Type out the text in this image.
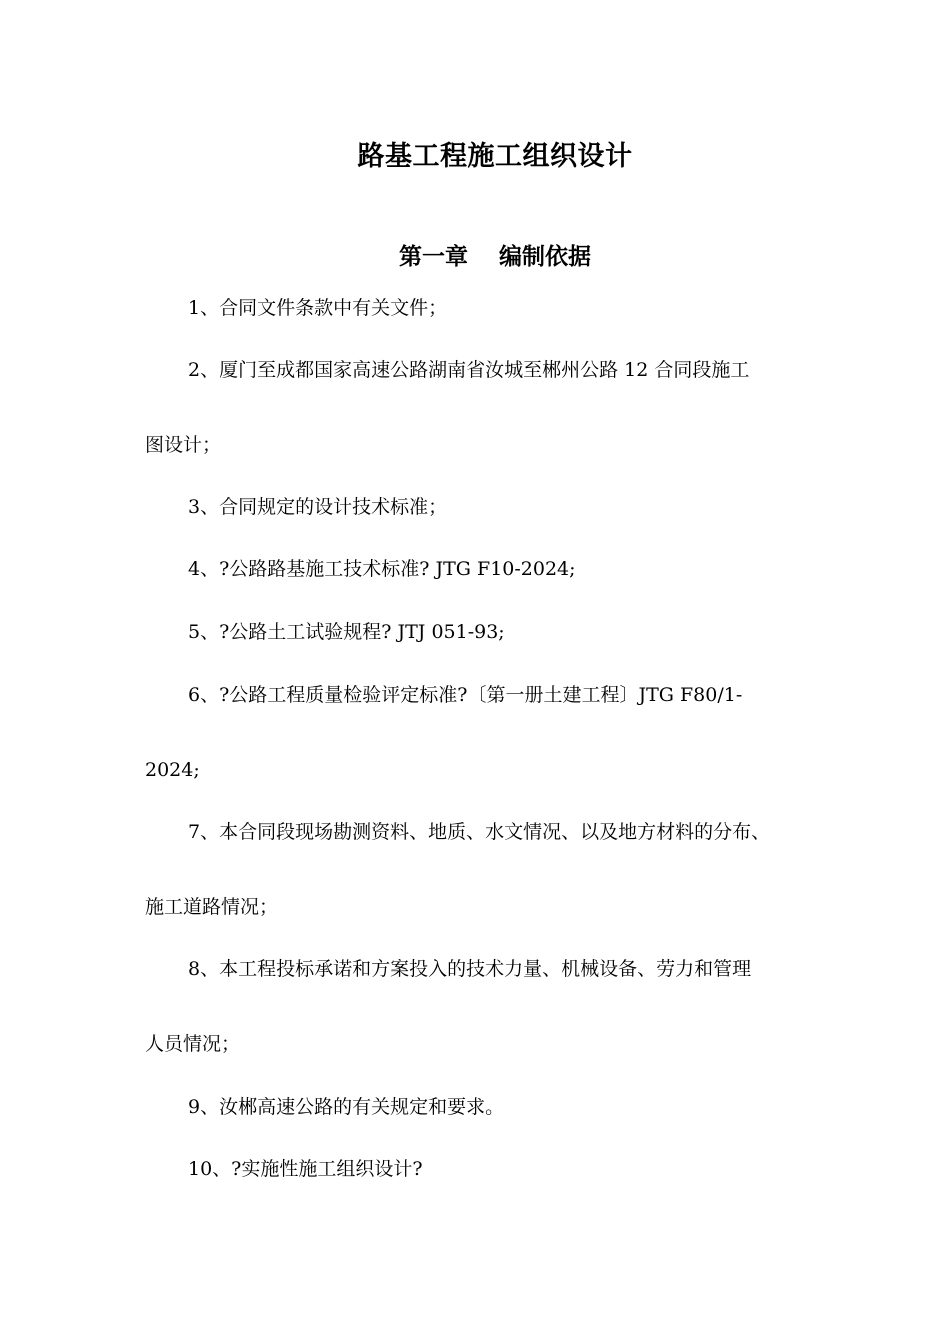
路基工程施工组织设计
第一章　 编制依据

1、合同文件条款中有关文件；

2、厦门至成都国家高速公路湖南省汝城至郴州公路 12 合同段施工

图设计；

3、合同规定的设计技术标准；

4、?公路路基施工技术标准? JTG F10-2024;

5、?公路土工试验规程? JTJ 051-93;

6、?公路工程质量检验评定标准?〔第一册土建工程〕JTG F80/1-

2024;

7、本合同段现场勘测资料、地质、水文情况、以及地方材料的分布、

施工道路情况；

8、本工程投标承诺和方案投入的技术力量、机械设备、劳力和管理

人员情况；

9、汝郴高速公路的有关规定和要求。

10、?实施性施工组织设计?
